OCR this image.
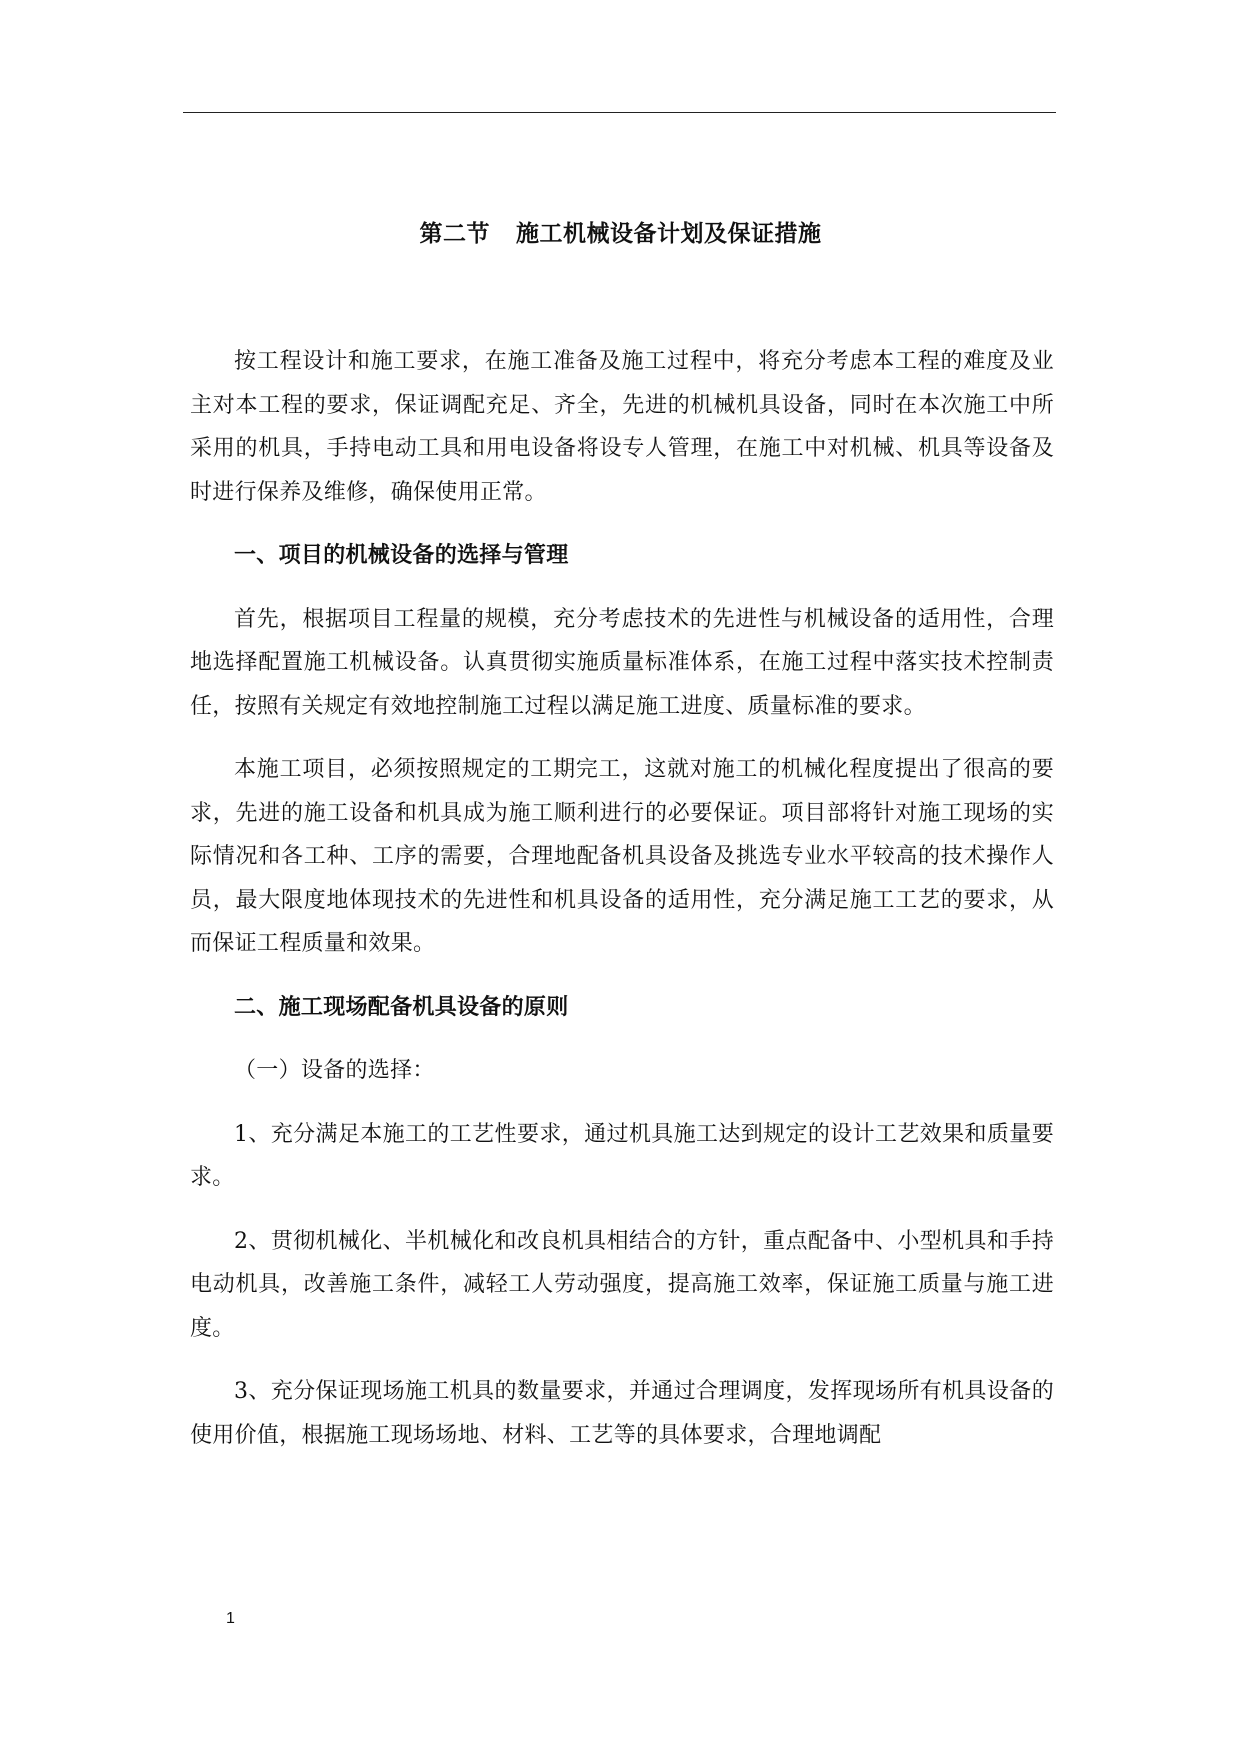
第二节 施工机械设备计划及保证措施

按工程设计和施工要求，在施工准备及施工过程中，将充分考虑本工程的难度及业主对本工程的要求，保证调配充足、齐全，先进的机械机具设备，同时在本次施工中所采用的机具，手持电动工具和用电设备将设专人管理，在施工中对机械、机具等设备及时进行保养及维修，确保使用正常。

一、项目的机械设备的选择与管理

首先，根据项目工程量的规模，充分考虑技术的先进性与机械设备的适用性，合理地选择配置施工机械设备。认真贯彻实施质量标准体系，在施工过程中落实技术控制责任，按照有关规定有效地控制施工过程以满足施工进度、质量标准的要求。

本施工项目，必须按照规定的工期完工，这就对施工的机械化程度提出了很高的要求，先进的施工设备和机具成为施工顺利进行的必要保证。项目部将针对施工现场的实际情况和各工种、工序的需要，合理地配备机具设备及挑选专业水平较高的技术操作人员，最大限度地体现技术的先进性和机具设备的适用性，充分满足施工工艺的要求，从而保证工程质量和效果。

二、施工现场配备机具设备的原则

（一）设备的选择：

1、充分满足本施工的工艺性要求，通过机具施工达到规定的设计工艺效果和质量要求。

2、贯彻机械化、半机械化和改良机具相结合的方针，重点配备中、小型机具和手持电动机具，改善施工条件，减轻工人劳动强度，提高施工效率，保证施工质量与施工进度。

3、充分保证现场施工机具的数量要求，并通过合理调度，发挥现场所有机具设备的使用价值，根据施工现场场地、材料、工艺等的具体要求，合理地调配

1
